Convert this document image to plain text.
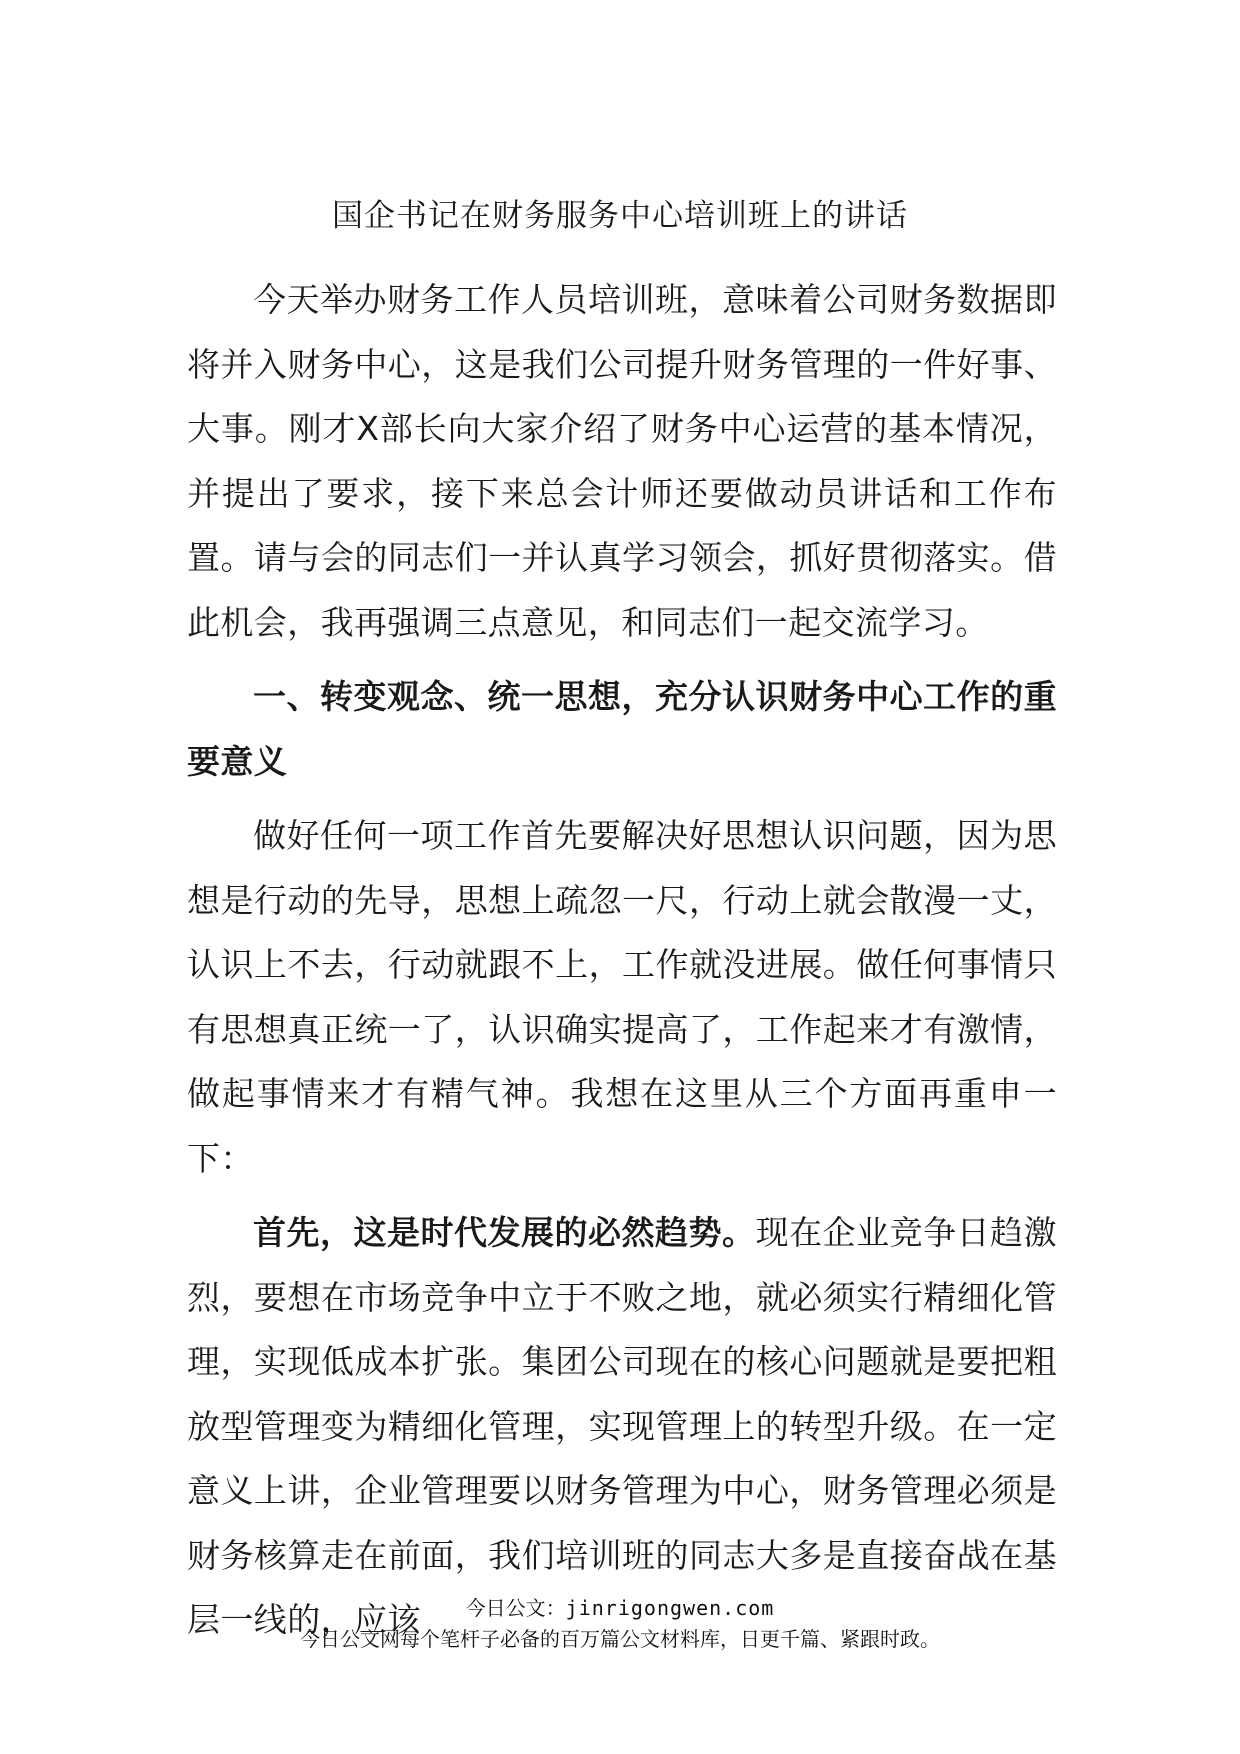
国企书记在财务服务中心培训班上的讲话

今天举办财务工作人员培训班，意味着公司财务数据即将并入财务中心，这是我们公司提升财务管理的一件好事、大事。刚才X部长向大家介绍了财务中心运营的基本情况，并提出了要求，接下来总会计师还要做动员讲话和工作布置。请与会的同志们一并认真学习领会，抓好贯彻落实。借此机会，我再强调三点意见，和同志们一起交流学习。

一、转变观念、统一思想，充分认识财务中心工作的重要意义

做好任何一项工作首先要解决好思想认识问题，因为思想是行动的先导，思想上疏忽一尺，行动上就会散漫一丈，认识上不去，行动就跟不上，工作就没进展。做任何事情只有思想真正统一了，认识确实提高了，工作起来才有激情，做起事情来才有精气神。我想在这里从三个方面再重申一下：

首先，这是时代发展的必然趋势。现在企业竞争日趋激烈，要想在市场竞争中立于不败之地，就必须实行精细化管理，实现低成本扩张。集团公司现在的核心问题就是要把粗放型管理变为精细化管理，实现管理上的转型升级。在一定意义上讲，企业管理要以财务管理为中心，财务管理必须是财务核算走在前面，我们培训班的同志大多是直接奋战在基层一线的，应该	今日公文：jinrigongwen.com
今日公文网每个笔杆子必备的百万篇公文材料库，日更千篇、紧跟时政。
